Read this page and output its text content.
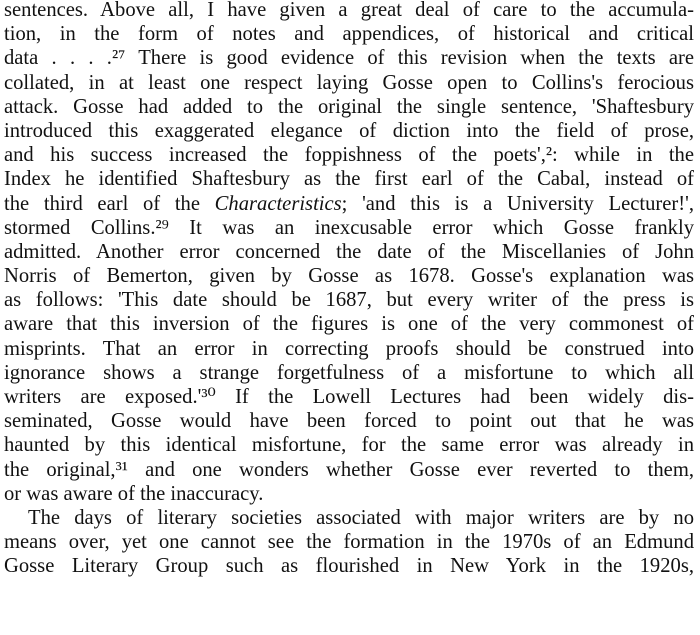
sentences. Above all, I have given a great deal of care to the accumula-
tion, in the form of notes and appendices, of historical and critical
data . . . .²⁷ There is good evidence of this revision when the texts are
collated, in at least one respect laying Gosse open to Collins's ferocious
attack. Gosse had added to the original the single sentence, 'Shaftesbury
introduced this exaggerated elegance of diction into the field of prose,
and his success increased the foppishness of the poets',²: while in the
Index he identified Shaftesbury as the first earl of the Cabal, instead of
the third earl of the Characteristics; 'and this is a University Lecturer!',
stormed Collins.²⁹ It was an inexcusable error which Gosse frankly
admitted. Another error concerned the date of the Miscellanies of John
Norris of Bemerton, given by Gosse as 1678. Gosse's explanation was
as follows: 'This date should be 1687, but every writer of the press is
aware that this inversion of the figures is one of the very commonest of
misprints. That an error in correcting proofs should be construed into
ignorance shows a strange forgetfulness of a misfortune to which all
writers are exposed.'³⁰ If the Lowell Lectures had been widely dis-
seminated, Gosse would have been forced to point out that he was
haunted by this identical misfortune, for the same error was already in
the original,³¹ and one wonders whether Gosse ever reverted to them,
or was aware of the inaccuracy.
The days of literary societies associated with major writers are by no
means over, yet one cannot see the formation in the 1970s of an Edmund
Gosse Literary Group such as flourished in New York in the 1920s,
